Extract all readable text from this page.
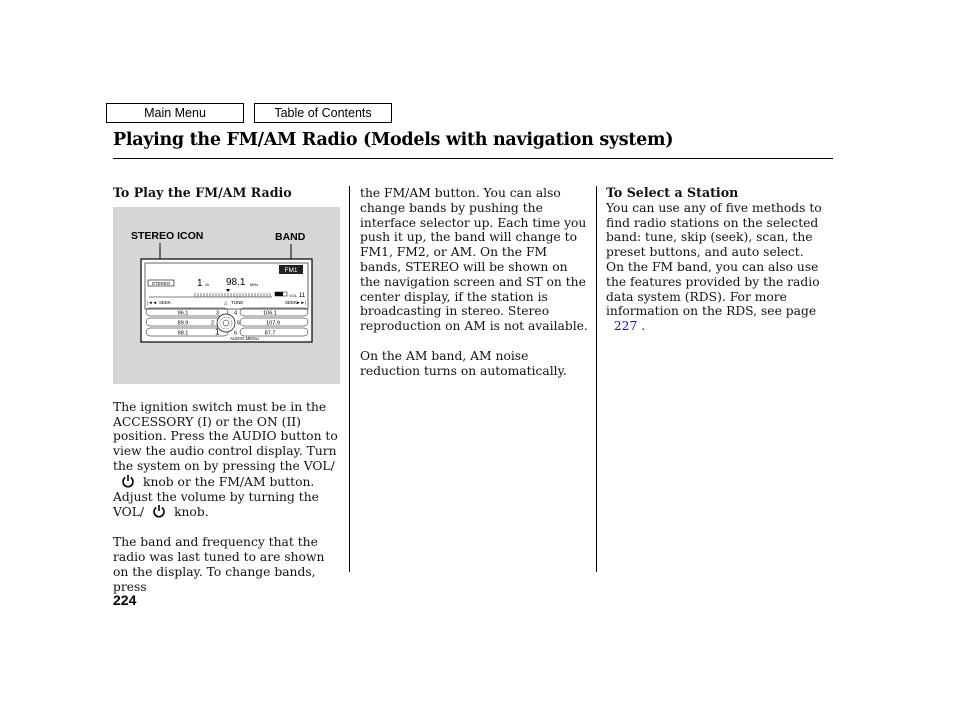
Main Menu	Table of Contents
Playing the FM/AM Radio (Models with navigation system)
To Play the FM/AM Radio
STEREO ICON	BAND
FM1
STEREO	1 ch 98.1 MHz
VOL 11
|◄◄ SEEK	△ TUNE	SEEK
►►|
96.1
89.9
98.1
3
2
1
4
5
6
106.1
107.9
87.7
AUDIO MENU

The ignition switch must be in the ACCESSORY (I) or the ON (II) position. Press the AUDIO button to view the audio control display. Turn the system on by pressing the VOL/knob or the FM/AM button. Adjust the volume by turning the VOL/ knob.

The band and frequency that the radio was last tuned to are shown on the display. To change bands, press

the FM/AM button. You can also change bands by pushing the interface selector up. Each time you push it up, the band will change to FM1, FM2, or AM. On the FM bands, STEREO will be shown on the navigation screen and ST on the center display, if the station is broadcasting in stereo. Stereo reproduction on AM is not available.

On the AM band, AM noise reduction turns on automatically.

To Select a Station

You can use any of five methods to find radio stations on the selected band: tune, skip (seek), scan, the preset buttons, and auto select.

On the FM band, you can also use the features provided by the radio data system (RDS). For more information on the RDS, see page
227 .

224
